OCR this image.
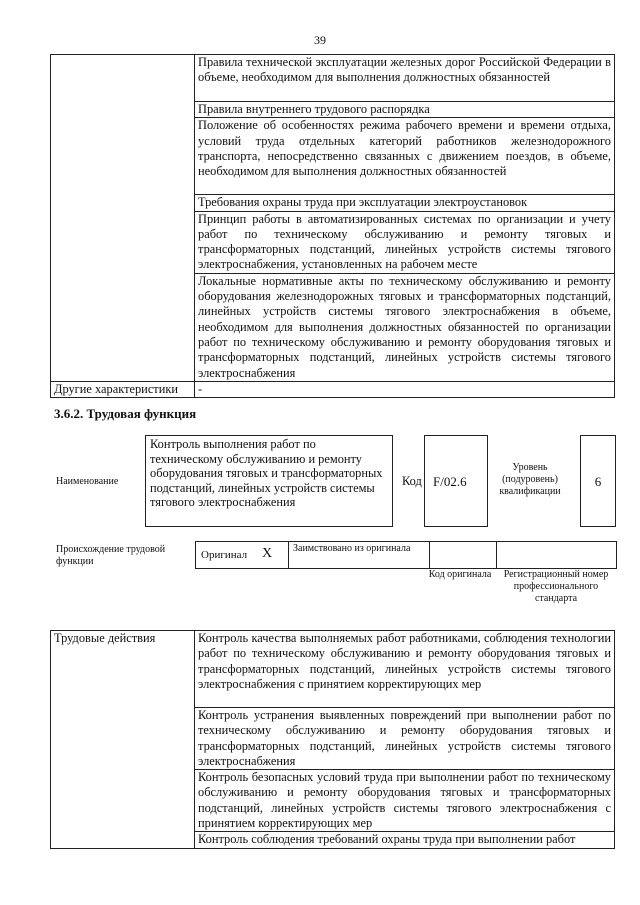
39
	Правила технической эксплуатации железных дорог Российской Федерации в объеме, необходимом для выполнения должностных обязанностей
	Правила внутреннего трудового распорядка
	Положение об особенностях режима рабочего времени и времени отдыха, условий труда отдельных категорий работников железнодорожного транспорта, непосредственно связанных с движением поездов, в объеме, необходимом для выполнения должностных обязанностей
	Требования охраны труда при эксплуатации электроустановок
	Принцип работы в автоматизированных системах по организации и учету работ по техническому обслуживанию и ремонту тяговых и трансформаторных подстанций, линейных устройств системы тягового электроснабжения, установленных на рабочем месте
	Локальные нормативные акты по техническому обслуживанию и ремонту оборудования железнодорожных тяговых и трансформаторных подстанций, линейных устройств системы тягового электроснабжения в объеме, необходимом для выполнения должностных обязанностей по организации работ по техническому обслуживанию и ремонту оборудования тяговых и трансформаторных подстанций, линейных устройств системы тягового электроснабжения
Другие характеристики	-
3.6.2. Трудовая функция
Наименование
Контроль выполнения работ по техническому обслуживанию и ремонту оборудования тяговых и трансформаторных подстанций, линейных устройств системы тягового электроснабжения
Код F/02.6
Уровень (подуровень) квалификации
6
Происхождение трудовой функции
Оригинал X Заимствовано из оригинала
Код оригинала	Регистрационный номер профессионального стандарта
Трудовые действия	Контроль качества выполняемых работ работниками, соблюдения технологии работ по техническому обслуживанию и ремонту оборудования тяговых и трансформаторных подстанций, линейных устройств системы тягового электроснабжения с принятием корректирующих мер
Контроль устранения выявленных повреждений при выполнении работ по техническому обслуживанию и ремонту оборудования тяговых и трансформаторных подстанций, линейных устройств системы тягового электроснабжения
Контроль безопасных условий труда при выполнении работ по техническому обслуживанию и ремонту оборудования тяговых и трансформаторных подстанций, линейных устройств системы тягового электроснабжения с принятием корректирующих мер
Контроль соблюдения требований охраны труда при выполнении работ
